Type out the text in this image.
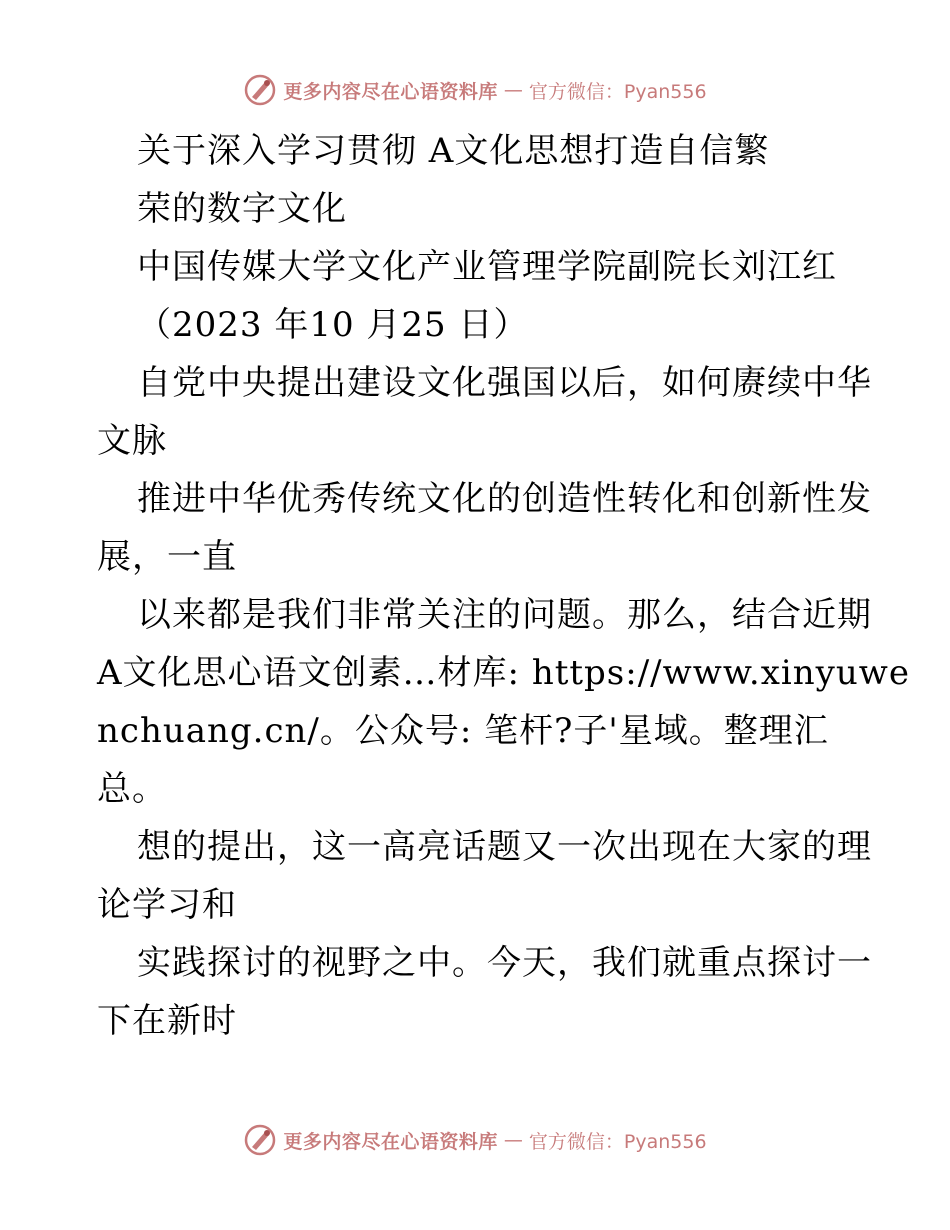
更多内容尽在心语资料库 — 官方微信：Pyan556
关于深入学习贯彻 A文化思想打造自信繁
荣的数字文化
中国传媒大学文化产业管理学院副院长刘江红
（2023 年10 月25 日）
自党中央提出建设文化强国以后，如何赓续中华
文脉
推进中华优秀传统文化的创造性转化和创新性发
展，一直
以来都是我们非常关注的问题。那么，结合近期
A文化思心语文创素…材库: https://www.xinyuwe
nchuang.cn/。公众号: 笔杆?子'星域。整理汇
总。
想的提出，这一高亮话题又一次出现在大家的理
论学习和
实践探讨的视野之中。今天，我们就重点探讨一
下在新时
更多内容尽在心语资料库 — 官方微信：Pyan556
